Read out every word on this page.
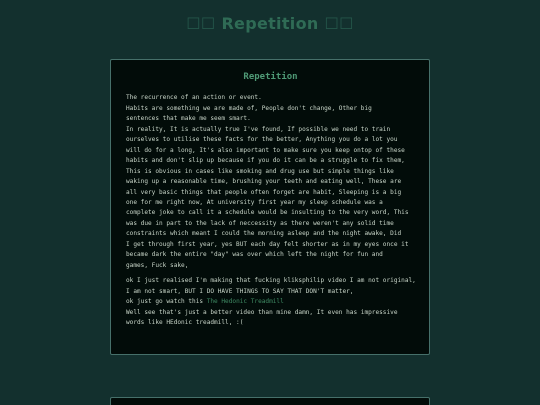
☐☐ Repetition ☐☐
Repetition
The recurrence of an action or event.
Habits are something we are made of, People don't change, Other big
sentences that make me seem smart.
In reality, It is actually true I've found, If possible we need to train
ourselves to utilise these facts for the better, Anything you do a lot you
will do for a long, It's also important to make sure you keep ontop of these
habits and don't slip up because if you do it can be a struggle to fix them,
This is obvious in cases like smoking and drug use but simple things like
waking up a reasonable time, brushing your teeth and eating well, These are
all very basic things that people often forget are habit, Sleeping is a big
one for me right now, At university first year my sleep schedule was a
complete joke to call it a schedule would be insulting to the very word, This
was due in part to the lack of neccessity as there weren't any solid time
constraints which meant I could the morning asleep and the night awake, Did
I get through first year, yes BUT each day felt shorter as in my eyes once it
became dark the entire "day" was over which left the night for fun and
games, Fuck sake,
ok I just realised I'm making that fucking kliksphilip video I am not original,
I am not smart, BUT I DO HAVE THINGS TO SAY THAT DON'T matter,
ok just go watch this The Hedonic Treadmill
Well see that's just a better video than mine damn, It even has impressive
words like HEdonic treadmill, :(
